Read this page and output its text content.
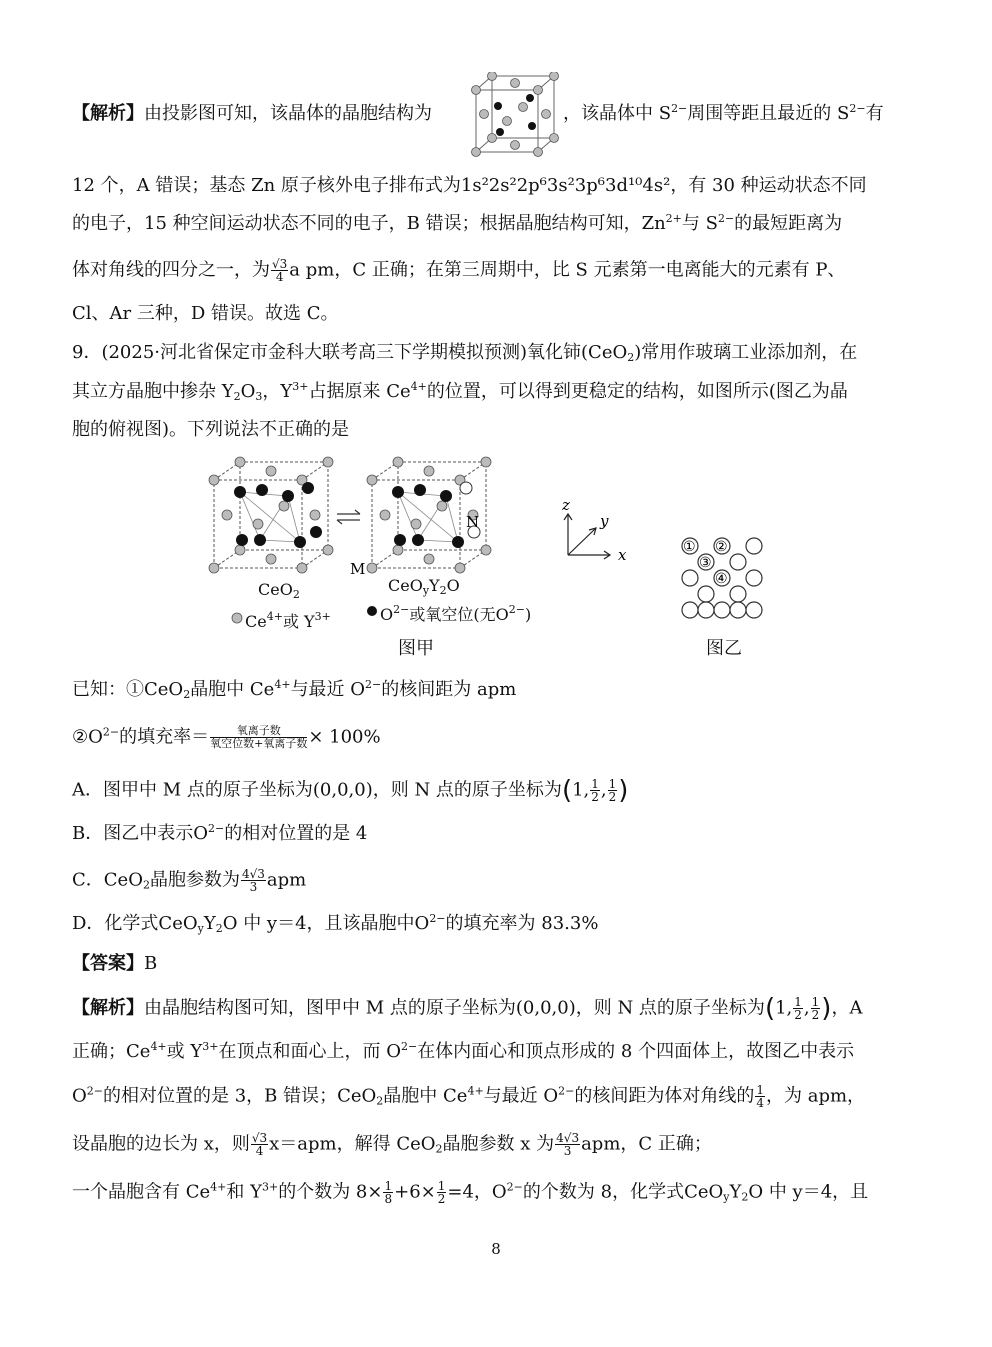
【解析】由投影图可知，该晶体的晶胞结构为	，该晶体中 $S^{2-}$周围等距且最近的 $S^{2-}$有
12 个，A 错误；基态 Zn 原子核外电子排布式为1s²2s²2p⁶3s²3p⁶3d¹⁰4s²，有 30 种运动状态不同
的电子，15 种空间运动状态不同的电子，B 错误；根据晶胞结构可知，$Zn^{2+}$与 $S^{2-}$的最短距离为
体对角线的四分之一，为 $\frac{√3}{4}$ a pm，C 正确；在第三周期中，比 S 元素第一电离能大的元素有 P、
Cl、Ar 三种，D 错误。故选 C。
9．(2025·河北省保定市金科大联考高三下学期模拟预测)氧化铈(CeO$_2$)常用作玻璃工业添加剂，在
其立方晶胞中掺杂 $Y_2O_3$，$Y^{3+}$占据原来 $Ce^{4+}$的位置，可以得到更稳定的结构，如图所示(图乙为晶
胞的俯视图)。下列说法不正确的是
M
N
z
y
x	① ②
③
④
CeO$_2$	$CeO_yY_2O$
$Ce^{4+}$或 $Y^{3+}$	$O^{2-}$或氧空位(无$O^{2-}$)
图甲	图乙
已知：①CeO$_2$晶胞中 $Ce^{4+}$与最近 $O^{2-}$的核间距为 apm
$②O^{2-}$的填充率＝ $\frac{\text{氧离子数}}{\text{氧空位数+氧离子数}} \times 100\%$
A．图甲中 M 点的原子坐标为(0,0,0)，则 N 点的原子坐标为(1, $\frac{1}{2}$ , $\frac{1}{2}$ )
B．图乙中表示$O^{2-}$的相对位置的是 4
C．CeO$_2$晶胞参数为 $\frac{4√3}{3}$ apm
D．化学式$CeO_yY_2O$ 中 y＝4，且该晶胞中$O^{2-}$的填充率为 83.3%
【答案】B
【解析】由晶胞结构图可知，图甲中 M 点的原子坐标为(0,0,0)，则 N 点的原子坐标为(1, $\frac{1}{2}$ , $\frac{1}{2}$ )，A
正确；$Ce^{4+}$或 $Y^{3+}$在顶点和面心上，而 $O^{2-}$在体内面心和顶点形成的 8 个四面体上，故图乙中表示
$O^{2-}$的相对位置的是 3，B 错误；CeO$_2$晶胞中 $Ce^{4+}$与最近 $O^{2-}$的核间距为体对角线的 $\frac{1}{4}$ ，为 apm，
设晶胞的边长为 x，则 $\frac{√3}{4} x=apm$，解得 CeO$_2$晶胞参数 x 为 $\frac{4√3}{3}$ apm，C 正确；
一个晶胞含有 $Ce^{4+}$和 $Y^{3+}$的个数为 $8\times \frac{1}{8} +6\times \frac{1}{2} =4$，$O^{2-}$的个数为 8，化学式$CeO_yY_2O$ 中 y＝4，且
8
